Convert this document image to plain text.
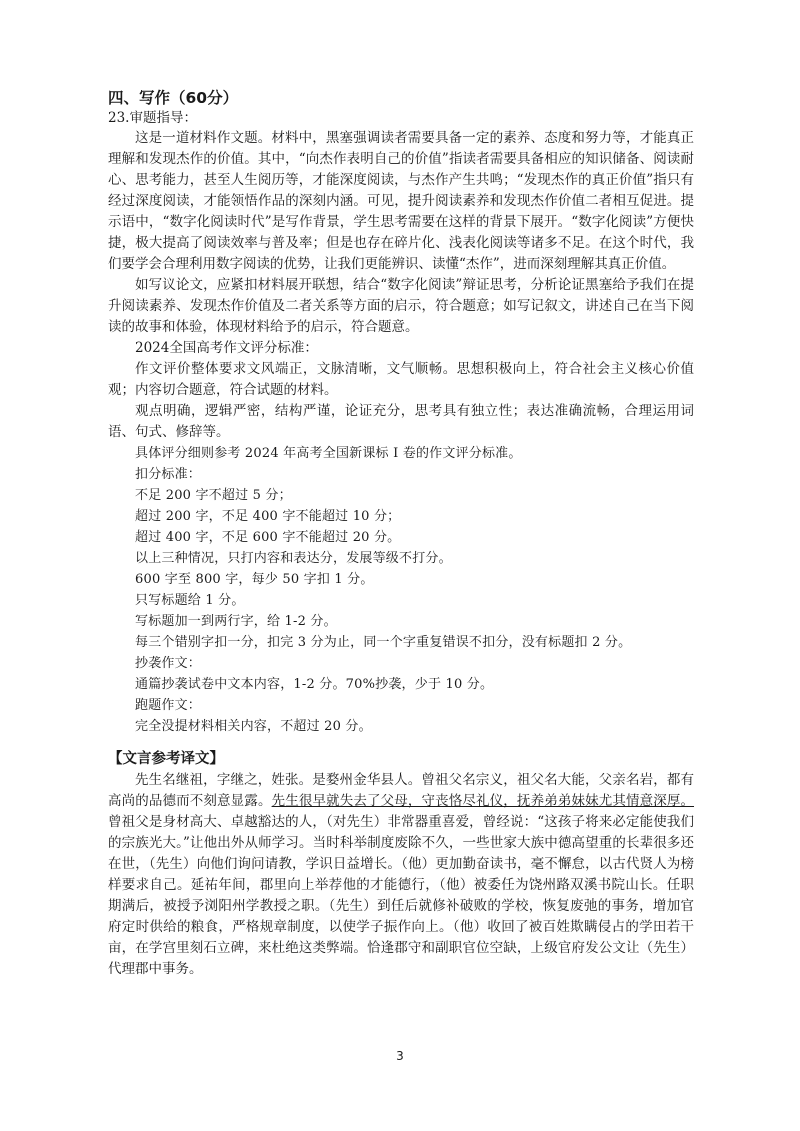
四、写作（60分）
23.审题指导：

这是一道材料作文题。材料中，黑塞强调读者需要具备一定的素养、态度和努力等，才能真正理解和发现杰作的价值。其中，“向杰作表明自己的价值”指读者需要具备相应的知识储备、阅读耐心、思考能力，甚至人生阅历等，才能深度阅读，与杰作产生共鸣；“发现杰作的真正价值”指只有经过深度阅读，才能领悟作品的深刻内涵。可见，提升阅读素养和发现杰作价值二者相互促进。提示语中，“数字化阅读时代”是写作背景，学生思考需要在这样的背景下展开。“数字化阅读”方便快捷，极大提高了阅读效率与普及率；但是也存在碎片化、浅表化阅读等诸多不足。在这个时代，我们要学会合理利用数字阅读的优势，让我们更能辨识、读懂“杰作”，进而深刻理解其真正价值。

如写议论文，应紧扣材料展开联想，结合“数字化阅读”辩证思考，分析论证黑塞给予我们在提升阅读素养、发现杰作价值及二者关系等方面的启示，符合题意；如写记叙文，讲述自己在当下阅读的故事和体验，体现材料给予的启示，符合题意。

2024全国高考作文评分标准：

作文评价整体要求文风端正，文脉清晰，文气顺畅。思想积极向上，符合社会主义核心价值观；内容切合题意，符合试题的材料。

观点明确，逻辑严密，结构严谨，论证充分，思考具有独立性；表达准确流畅，合理运用词语、句式、修辞等。

具体评分细则参考 2024 年高考全国新课标 Ⅰ 卷的作文评分标准。
扣分标准：
不足 200 字不超过 5 分；
超过 200 字，不足 400 字不能超过 10 分；
超过 400 字，不足 600 字不能超过 20 分。
以上三种情况，只打内容和表达分，发展等级不打分。
600 字至 800 字，每少 50 字扣 1 分。
只写标题给 1 分。
写标题加一到两行字，给 1-2 分。
每三个错别字扣一分，扣完 3 分为止，同一个字重复错误不扣分，没有标题扣 2 分。
抄袭作文：
通篇抄袭试卷中文本内容，1-2 分。70%抄袭，少于 10 分。
跑题作文：
完全没提材料相关内容，不超过 20 分。
【文言参考译文】

先生名继祖，字继之，姓张。是婺州金华县人。曾祖父名宗义，祖父名大能，父亲名岩，都有高尚的品德而不刻意显露。先生很早就失去了父母，守丧恪尽礼仪，抚养弟弟妹妹尤其情意深厚。曾祖父是身材高大、卓越豁达的人，（对先生）非常器重喜爱，曾经说：“这孩子将来必定能使我们的宗族光大。”让他出外从师学习。当时科举制度废除不久，一些世家大族中德高望重的长辈很多还在世，（先生）向他们询问请教，学识日益增长。（他）更加勤奋读书，毫不懈怠，以古代贤人为榜样要求自己。延祐年间，郡里向上举荐他的才能德行，（他）被委任为饶州路双溪书院山长。任职期满后，被授予浏阳州学教授之职。（先生）到任后就修补破败的学校，恢复废弛的事务，增加官府定时供给的粮食，严格规章制度，以使学子振作向上。（他）收回了被百姓欺瞒侵占的学田若干亩，在学宫里刻石立碑，来杜绝这类弊端。恰逢郡守和副职官位空缺，上级官府发公文让（先生）代理郡中事务。

3
